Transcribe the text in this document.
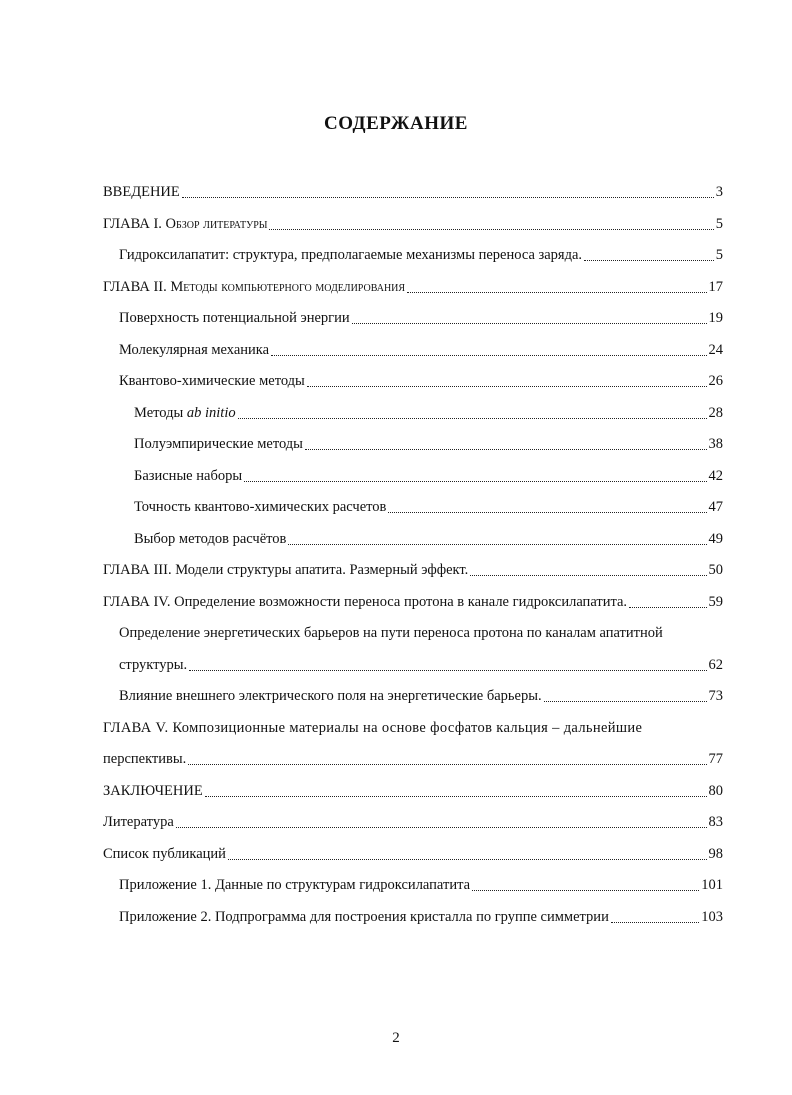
СОДЕРЖАНИЕ
ВВЕДЕНИЕ	3
ГЛАВА I. Обзор литературы	5
Гидроксилапатит: структура, предполагаемые механизмы переноса заряда.	5
ГЛАВА II. Методы компьютерного моделирования	17
Поверхность потенциальной энергии	19
Молекулярная механика	24
Квантово-химические методы	26
Методы ab initio	28
Полуэмпирические методы	38
Базисные наборы	42
Точность квантово-химических расчетов	47
Выбор методов расчётов	49
ГЛАВА III. Модели структуры апатита. Размерный эффект.	50
ГЛАВА IV. Определение возможности переноса протона в канале гидроксилапатита.	59
Определение энергетических барьеров на пути переноса протона по каналам апатитной
структуры.	62
Влияние внешнего электрического поля на энергетические барьеры.	73
ГЛАВА V. Композиционные материалы на основе фосфатов кальция – дальнейшие
перспективы.	77
ЗАКЛЮЧЕНИЕ	80
Литература	83
Список публикаций	98
Приложение 1. Данные по структурам гидроксилапатита	101
Приложение 2. Подпрограмма для построения кристалла по группе симметрии	103
2
